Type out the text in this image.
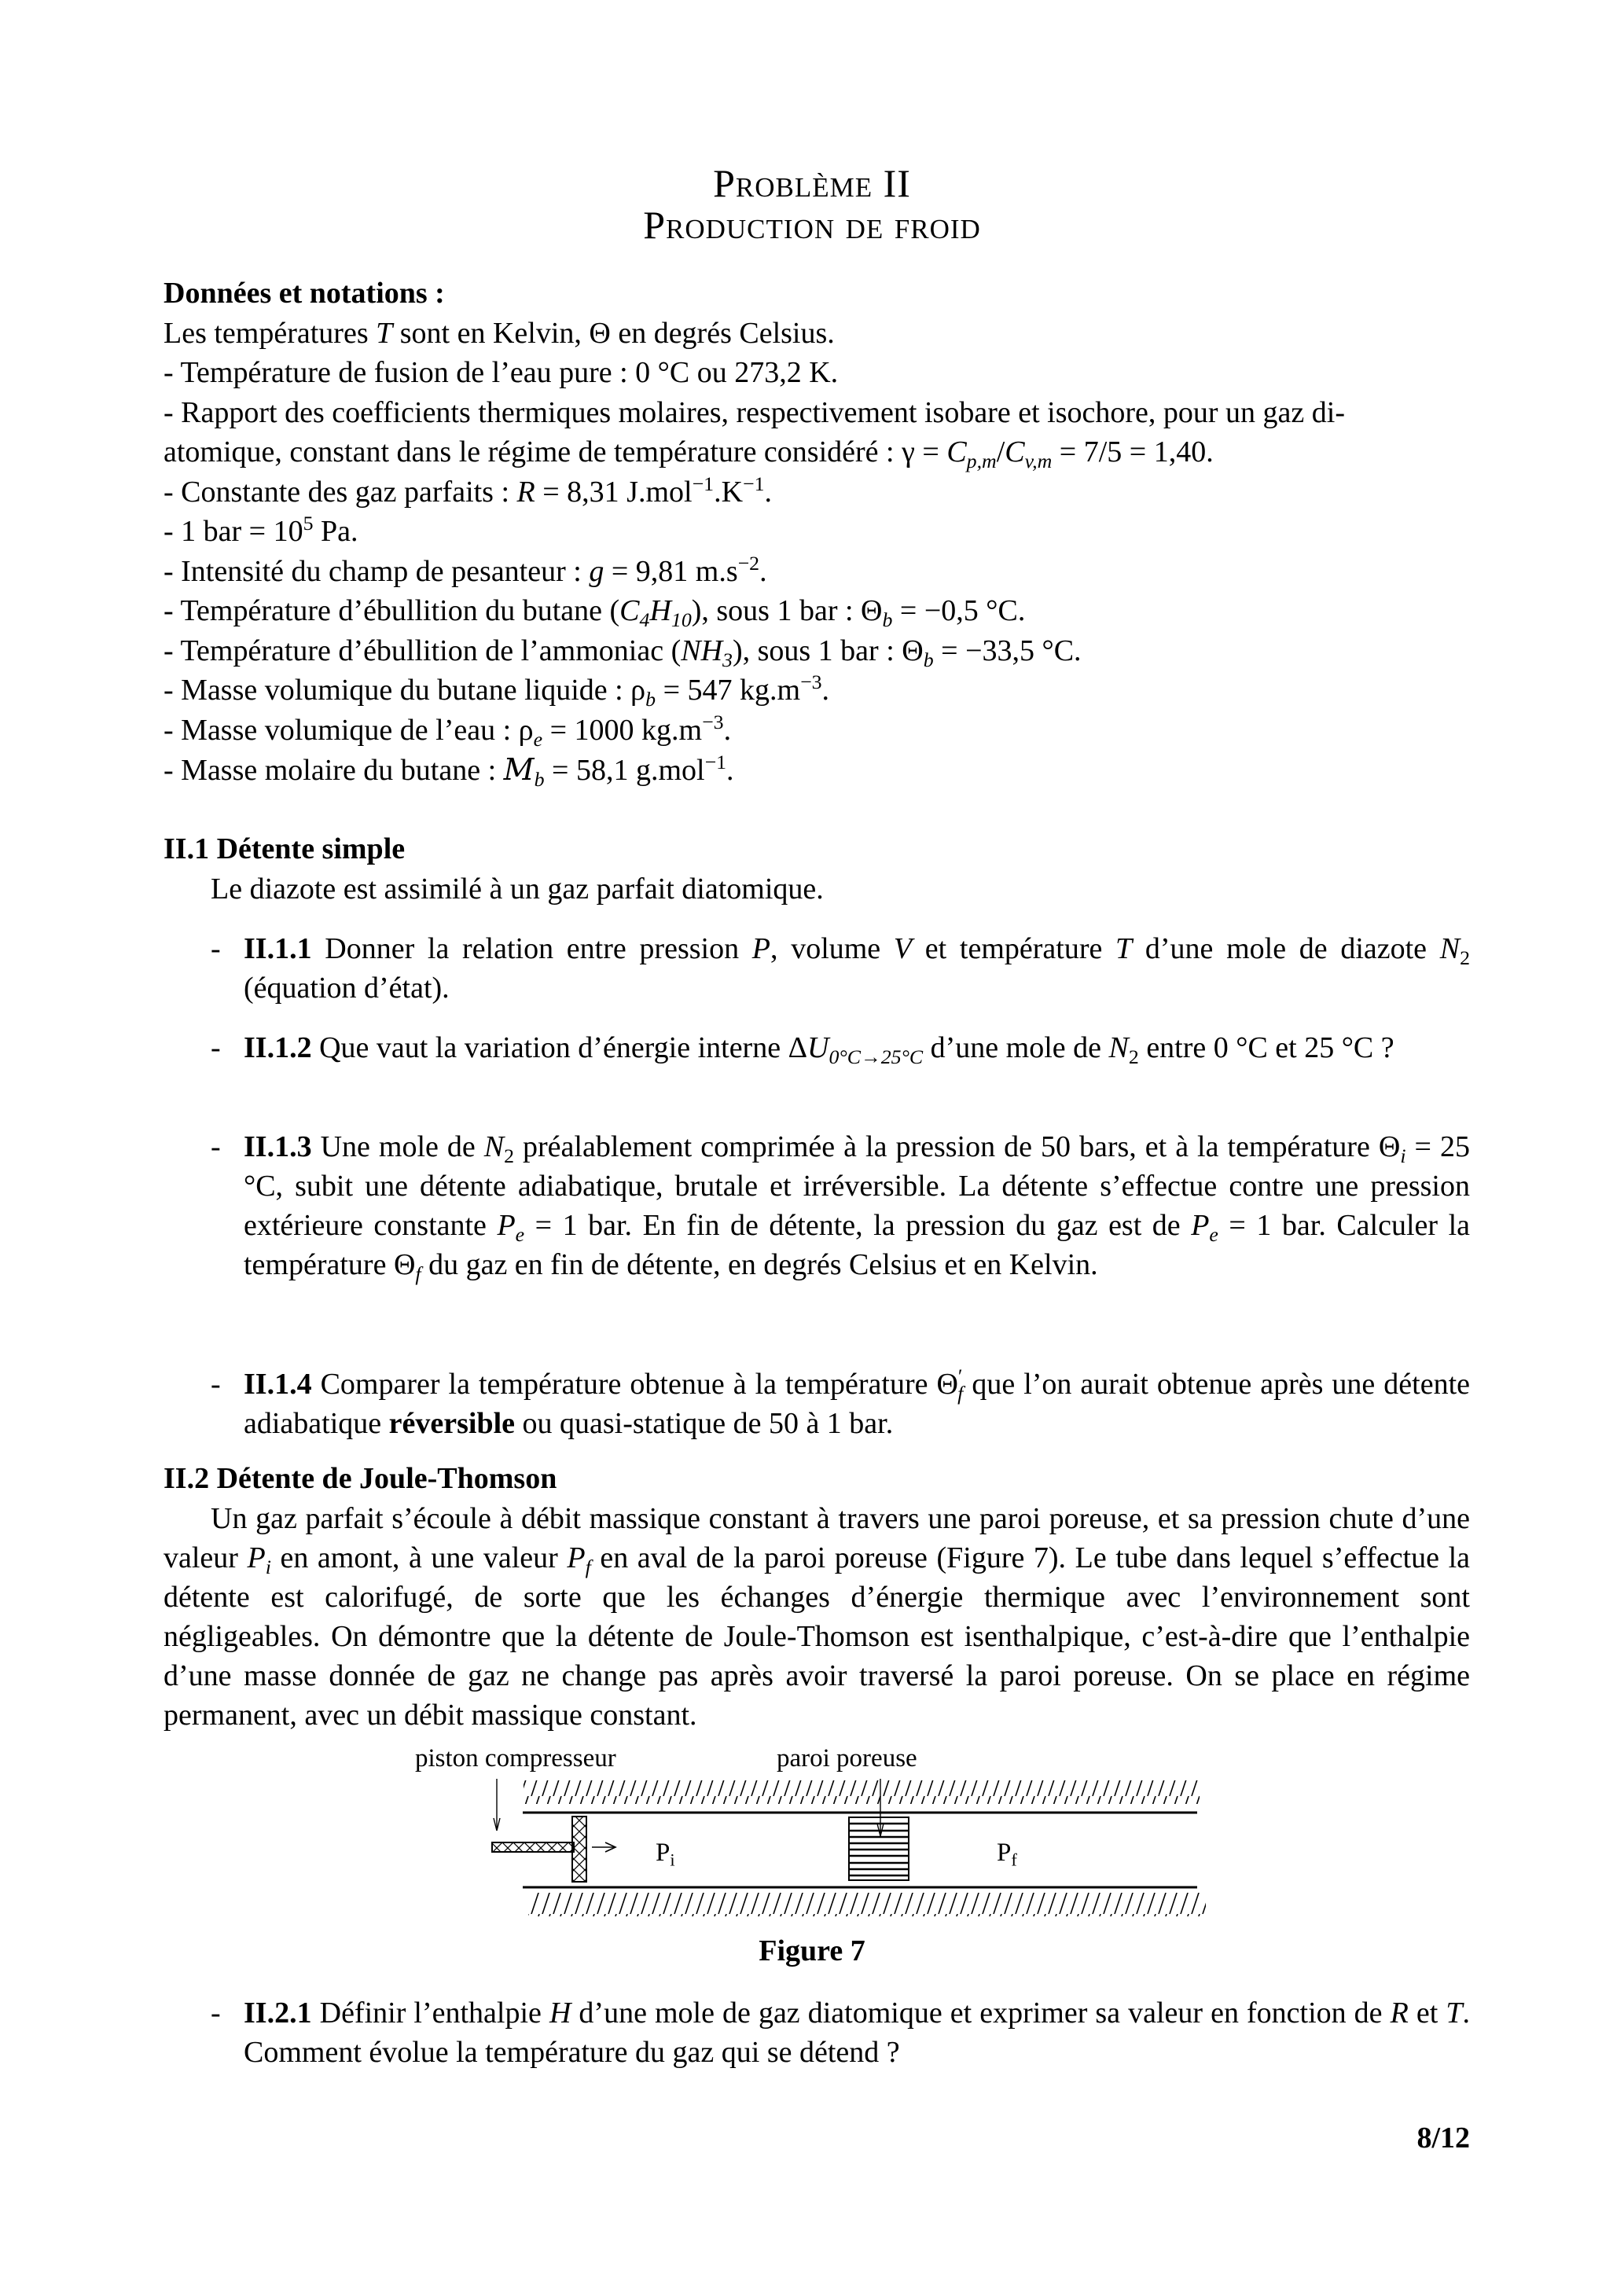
Problème II
Production de froid
Données et notations :
Les températures T sont en Kelvin, Θ en degrés Celsius.
- Température de fusion de l’eau pure : 0 °C ou 273,2 K.
- Rapport des coefficients thermiques molaires, respectivement isobare et isochore, pour un gaz di-
atomique, constant dans le régime de température considéré : $\gamma = C_{p,m}/C_{v,m} = 7/5 = 1,40$.
- Constante des gaz parfaits : R = 8,31 $J.mol^{-1}.K^{-1}$.
- 1 bar = $10^5$ Pa.
- Intensité du champ de pesanteur : g = 9,81 $m.s^{-2}$.
- Température d’ébullition du butane $(C_4H_{10})$, sous 1 bar : $\Theta_b = -0,5$ °C.
- Température d’ébullition de l’ammoniac $(NH_3)$, sous 1 bar : $\Theta_b = -33,5$ °C.
- Masse volumique du butane liquide : $\rho_b = 547$ $kg.m^{-3}$.
- Masse volumique de l’eau : $\rho_e = 1000$ $kg.m^{-3}$.
- Masse molaire du butane : $M_b = 58,1$ g.mol$^{-1}$.
II.1 Détente simple
Le diazote est assimilé à un gaz parfait diatomique.
- II.1.1 Donner la relation entre pression P, volume V et température T d’une mole de diazote $N_2$ (équation d’état).
- II.1.2 Que vaut la variation d’énergie interne $\Delta U_{0^\circ C\to 25^\circ C}$ d’une mole de $N_2$ entre 0 °C et 25 °C ?
- II.1.3 Une mole de $N_2$ préalablement comprimée à la pression de 50 bars, et à la température $\Theta_i = 25$ °C, subit une détente adiabatique, brutale et irréversible. La détente s’effectue contre une pression extérieure constante $P_e = 1$ bar. En fin de détente, la pression du gaz est de $P_e = 1$ bar. Calculer la température $\Theta_f$ du gaz en fin de détente, en degrés Celsius et en Kelvin.
- II.1.4 Comparer la température obtenue à la température $\Theta'_f$ que l’on aurait obtenue après une détente adiabatique réversible ou quasi-statique de 50 à 1 bar.
II.2 Détente de Joule-Thomson
Un gaz parfait s’écoule à débit massique constant à travers une paroi poreuse, et sa pression chute d’une valeur $P_i$ en amont, à une valeur $P_f$ en aval de la paroi poreuse (Figure 7). Le tube dans lequel s’effectue la détente est calorifugé, de sorte que les échanges d’énergie thermique avec l’environnement sont négligeables. On démontre que la détente de Joule-Thomson est isenthalpique, c’est-à-dire que l’enthalpie d’une masse donnée de gaz ne change pas après avoir traversé la paroi poreuse. On se place en régime permanent, avec un débit massique constant.
piston compresseur	paroi poreuse
$P_i$	$P_f$
Figure 7
- II.2.1 Définir l’enthalpie H d’une mole de gaz diatomique et exprimer sa valeur en fonction de R et T. Comment évolue la température du gaz qui se détend ?
8/12
